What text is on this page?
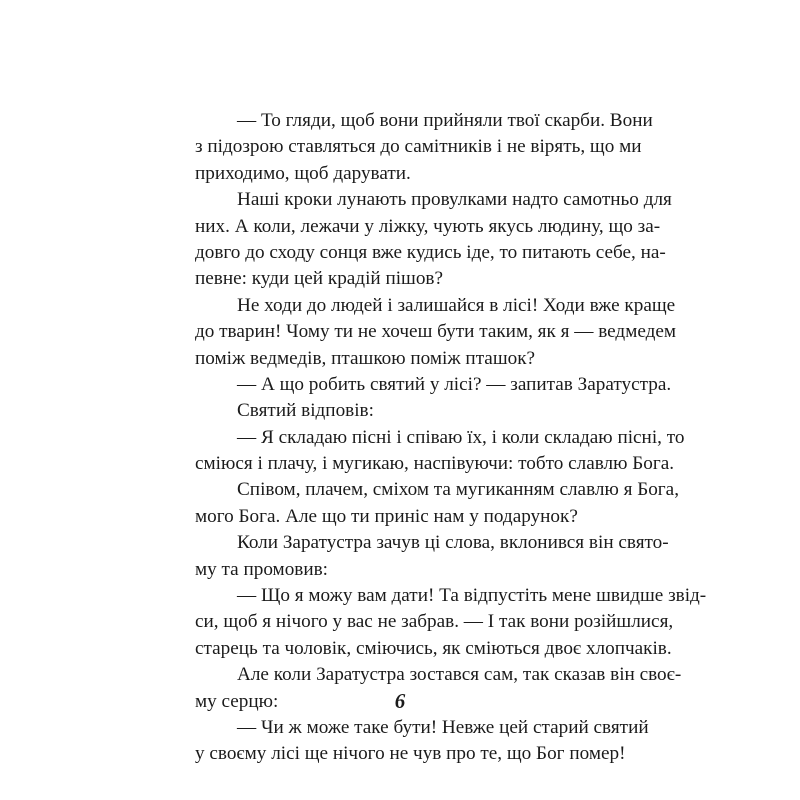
— То гляди, щоб вони прийняли твої скарби. Вони
з підозрою ставляться до самітників і не вірять, що ми
приходимо, щоб дарувати.
Наші кроки лунають провулками надто самотньо для
них. А коли, лежачи у ліжку, чують якусь людину, що за-
довго до сходу сонця вже кудись іде, то питають себе, на-
певне: куди цей крадій пішов?
Не ходи до людей і залишайся в лісі! Ходи вже краще
до тварин! Чому ти не хочеш бути таким, як я — ведмедем
поміж ведмедів, пташкою поміж пташок?
— А що робить святий у лісі? — запитав Заратустра.
Святий відповів:
— Я складаю пісні і співаю їх, і коли складаю пісні, то
сміюся і плачу, і мугикаю, наспівуючи: тобто славлю Бога.
Співом, плачем, сміхом та мугиканням славлю я Бога,
мого Бога. Але що ти приніс нам у подарунок?
Коли Заратустра зачув ці слова, вклонився він свято-
му та промовив:
— Що я можу вам дати! Та відпустіть мене швидше звід-
си, щоб я нічого у вас не забрав. — І так вони розійшлися,
старець та чоловік, сміючись, як сміються двоє хлопчаків.
Але коли Заратустра зостався сам, так сказав він своє-
му серцю:
— Чи ж може таке бути! Невже цей старий святий
у своєму лісі ще нічого не чув про те, що Бог помер!
6
